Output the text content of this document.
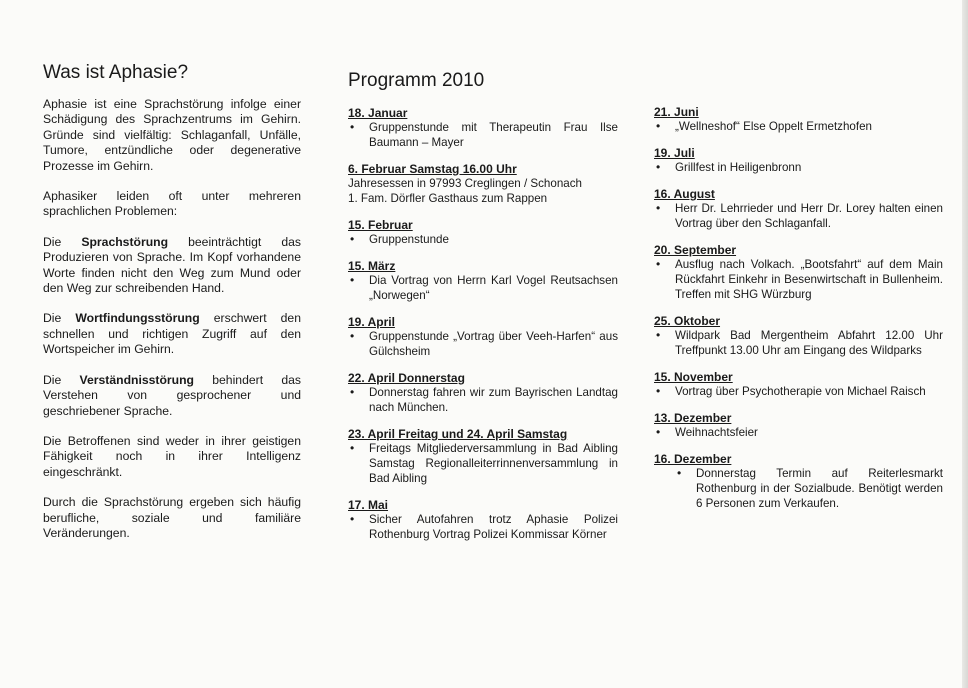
Was ist Aphasie?

Aphasie ist eine Sprachstörung infolge einer Schädigung des Sprachzentrums im Gehirn. Gründe sind vielfältig: Schlaganfall, Unfälle, Tumore, entzündliche oder degenerative Prozesse im Gehirn.

Aphasiker leiden oft unter mehreren sprachlichen Problemen:

Die Sprachstörung beeinträchtigt das Produzieren von Sprache. Im Kopf vorhandene Worte finden nicht den Weg zum Mund oder den Weg zur schreibenden Hand.

Die Wortfindungsstörung erschwert den schnellen und richtigen Zugriff auf den Wortspeicher im Gehirn.

Die Verständnisstörung behindert das Verstehen von gesprochener und geschriebener Sprache.

Die Betroffenen sind weder in ihrer geistigen Fähigkeit noch in ihrer Intelligenz eingeschränkt.

Durch die Sprachstörung ergeben sich häufig berufliche, soziale und familiäre Veränderungen.

Programm 2010
18. Januar
• Gruppenstunde mit Therapeutin Frau Ilse Baumann – Mayer
6. Februar Samstag 16.00 Uhr

Jahresessen in 97993 Creglingen / Schonach

1. Fam. Dörfler Gasthaus zum Rappen

15. Februar
• Gruppenstunde
15. März
• Dia Vortrag von Herrn Karl Vogel Reutsachsen „Norwegen“
19. April
• Gruppenstunde „Vortrag über Veeh-Harfen“ aus Gülchsheim
22. April Donnerstag
• Donnerstag fahren wir zum Bayrischen Landtag nach München.
23. April Freitag und 24. April Samstag
• Freitags Mitgliederversammlung in Bad Aibling Samstag Regionalleiterrinnenversammlung in Bad Aibling
17. Mai
• Sicher Autofahren trotz Aphasie Polizei Rothenburg Vortrag Polizei Kommissar Körner
21. Juni
• „Wellneshof“ Else Oppelt Ermetzhofen
19. Juli
• Grillfest in Heiligenbronn
16. August
• Herr Dr. Lehrrieder und Herr Dr. Lorey halten einen Vortrag über den Schlaganfall.
20. September
• Ausflug nach Volkach. „Bootsfahrt“ auf dem Main Rückfahrt Einkehr in Besenwirtschaft in Bullenheim. Treffen mit SHG Würzburg
25. Oktober
• Wildpark Bad Mergentheim Abfahrt 12.00 Uhr Treffpunkt 13.00 Uhr am Eingang des Wildparks
15. November
• Vortrag über Psychotherapie von Michael Raisch
13. Dezember
• Weihnachtsfeier
16. Dezember
• Donnerstag Termin auf Reiterlesmarkt Rothenburg in der Sozialbude. Benötigt werden 6 Personen zum Verkaufen.
